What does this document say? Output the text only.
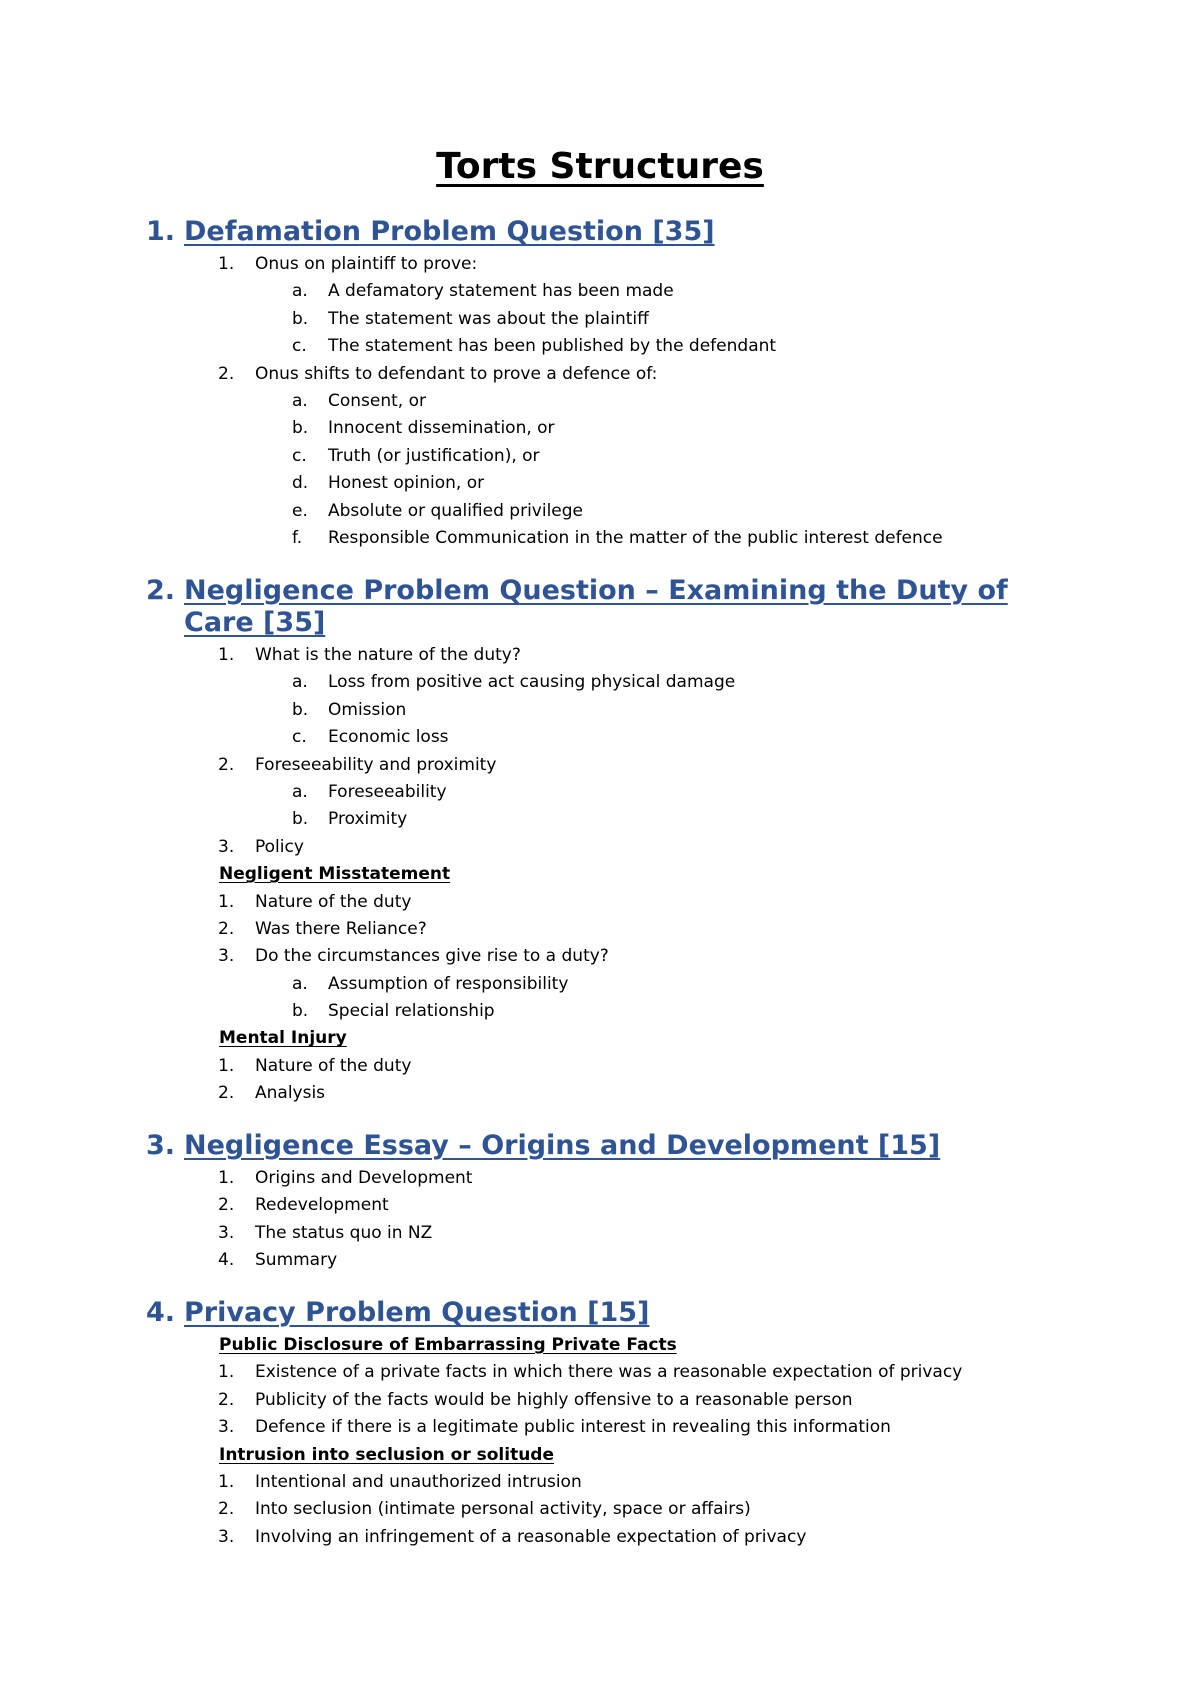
Torts Structures
1. Defamation Problem Question [35]
1.	Onus on plaintiff to prove:
a.	A defamatory statement has been made
b.	The statement was about the plaintiff
c.	The statement has been published by the defendant
2.	Onus shifts to defendant to prove a defence of:
a.	Consent, or
b.	Innocent dissemination, or
c.	Truth (or justification), or
d.	Honest opinion, or
e.	Absolute or qualified privilege
f.	Responsible Communication in the matter of the public interest defence
2. Negligence Problem Question – Examining the Duty of Care [35]
1.	What is the nature of the duty?
a.	Loss from positive act causing physical damage
b.	Omission
c.	Economic loss
2.	Foreseeability and proximity
a.	Foreseeability
b.	Proximity
3.	Policy
Negligent Misstatement
1.	Nature of the duty
2.	Was there Reliance?
3.	Do the circumstances give rise to a duty?
a.	Assumption of responsibility
b.	Special relationship
Mental Injury
1.	Nature of the duty
2.	Analysis
3. Negligence Essay – Origins and Development [15]
1.	Origins and Development
2.	Redevelopment
3.	The status quo in NZ
4.	Summary
4. Privacy Problem Question [15]
Public Disclosure of Embarrassing Private Facts
1.	Existence of a private facts in which there was a reasonable expectation of privacy
2.	Publicity of the facts would be highly offensive to a reasonable person
3.	Defence if there is a legitimate public interest in revealing this information
Intrusion into seclusion or solitude
1.	Intentional and unauthorized intrusion
2.	Into seclusion (intimate personal activity, space or affairs)
3.	Involving an infringement of a reasonable expectation of privacy
